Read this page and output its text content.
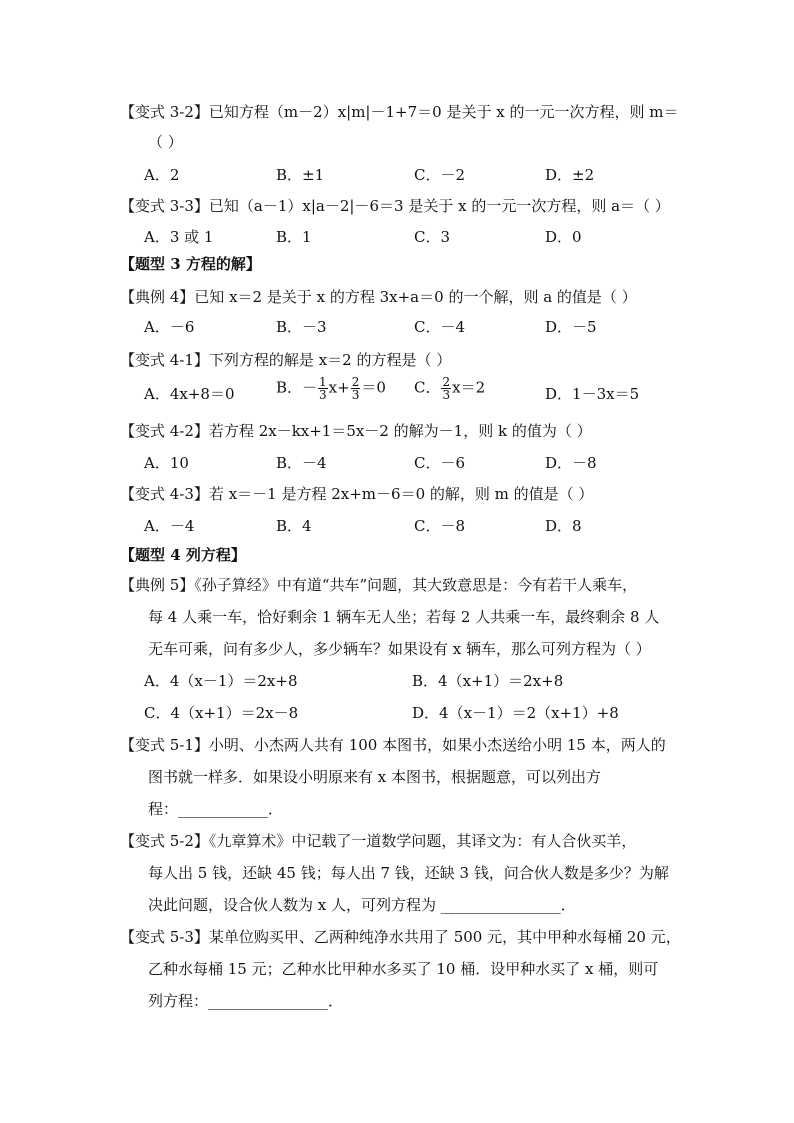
【变式 3-2】已知方程（m－2）x|m|－1+7＝0 是关于 x 的一元一次方程，则 m＝
（ ）
A．2	B．±1	C．－2	D．±2
【变式 3-3】已知（a－1）x|a－2|－6＝3 是关于 x 的一元一次方程，则 a＝（ ）
A．3 或 1	B．1	C．3	D．0
【题型 3 方程的解】
【典例 4】已知 x＝2 是关于 x 的方程 3x+a＝0 的一个解，则 a 的值是（ ）
A．－6	B．－3	C．－4	D．－5
【变式 4-1】下列方程的解是 x＝2 的方程是（ ）
A．4x+8＝0	B．－ $\frac{1}{3} x+ \frac{2}{3} =0$ C． $\frac{2}{3} x=2$	D．1－3x＝5
【变式 4-2】若方程 2x－kx+1＝5x－2 的解为－1，则 k 的值为（ ）
A．10	B．－4	C．－6	D．－8
【变式 4-3】若 x＝－1 是方程 2x+m－6＝0 的解，则 m 的值是（ ）
A．－4	B．4	C．－8	D．8
【题型 4 列方程】
【典例 5】《孙子算经》中有道“共车”问题，其大致意思是：今有若干人乘车，
每 4 人乘一车，恰好剩余 1 辆车无人坐；若每 2 人共乘一车，最终剩余 8 人
无车可乘，问有多少人，多少辆车？如果设有 x 辆车，那么可列方程为（ ）
A．4（x－1）＝2x+8	B．4（x+1）＝2x+8
C．4（x+1）＝2x－8	D．4（x－1）＝2（x+1）+8
【变式 5-1】小明、小杰两人共有 100 本图书，如果小杰送给小明 15 本，两人的
图书就一样多．如果设小明原来有 x 本图书，根据题意，可以列出方
程：____________．
【变式 5-2】《九章算术》中记载了一道数学问题，其译文为：有人合伙买羊，
每人出 5 钱，还缺 45 钱；每人出 7 钱，还缺 3 钱，问合伙人数是多少？为解
决此问题，设合伙人数为 x 人，可列方程为 ________________．
【变式 5-3】某单位购买甲、乙两种纯净水共用了 500 元，其中甲种水每桶 20 元，
乙种水每桶 15 元；乙种水比甲种水多买了 10 桶．设甲种水买了 x 桶，则可
列方程：________________．
